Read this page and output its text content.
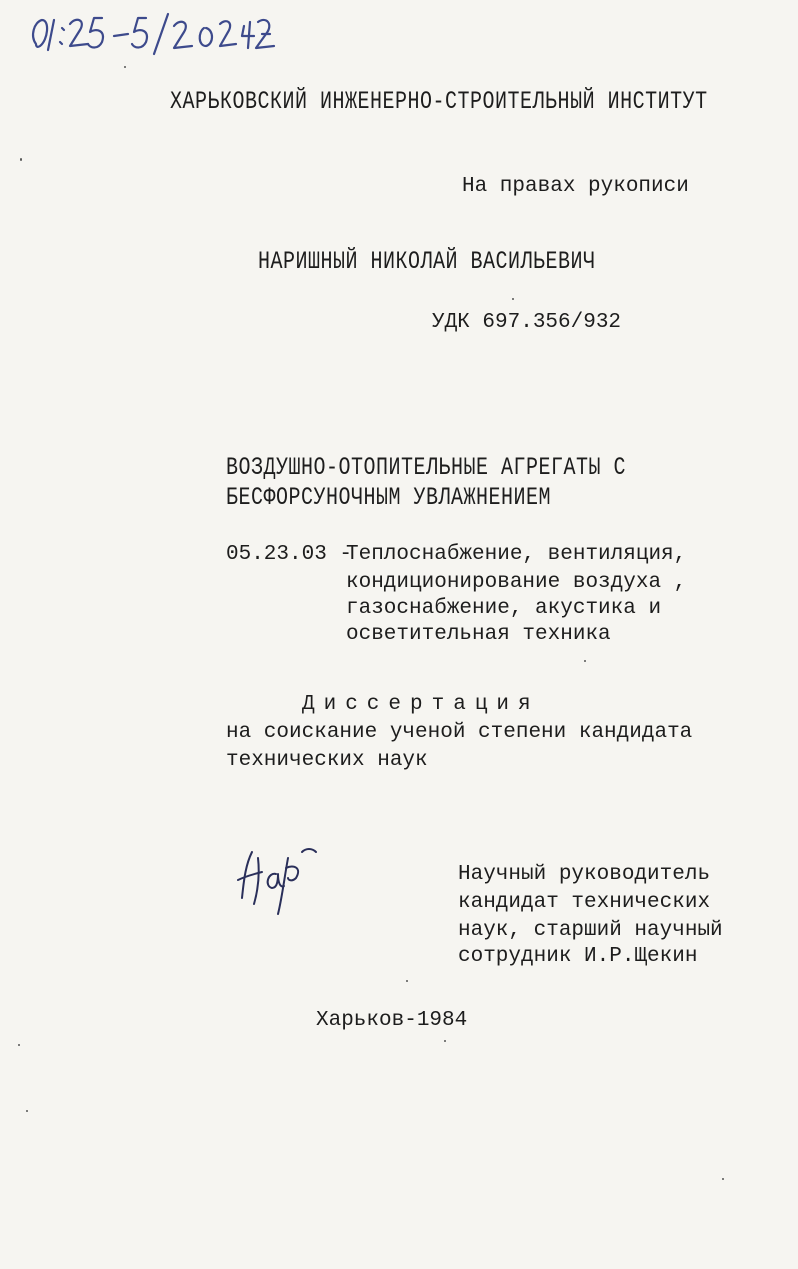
ХАРЬКОВСКИЙ ИНЖЕНЕРНО-СТРОИТЕЛЬНЫЙ ИНСТИТУТ
На правах рукописи
НАРИШНЫЙ НИКОЛАЙ ВАСИЛЬЕВИЧ
УДК 697.356/932
ВОЗДУШНО-ОТОПИТЕЛЬНЫЕ АГРЕГАТЫ С
БЕСФОРСУНОЧНЫМ УВЛАЖНЕНИЕМ
05.23.03 -
Теплоснабжение, вентиляция,
кондиционирование воздуха ,
газоснабжение, акустика и
осветительная техника
Диссертация
на соискание ученой степени кандидата
технических наук
Научный руководитель
кандидат технических
наук, старший научный
сотрудник И.Р.Щекин
Харьков-1984
